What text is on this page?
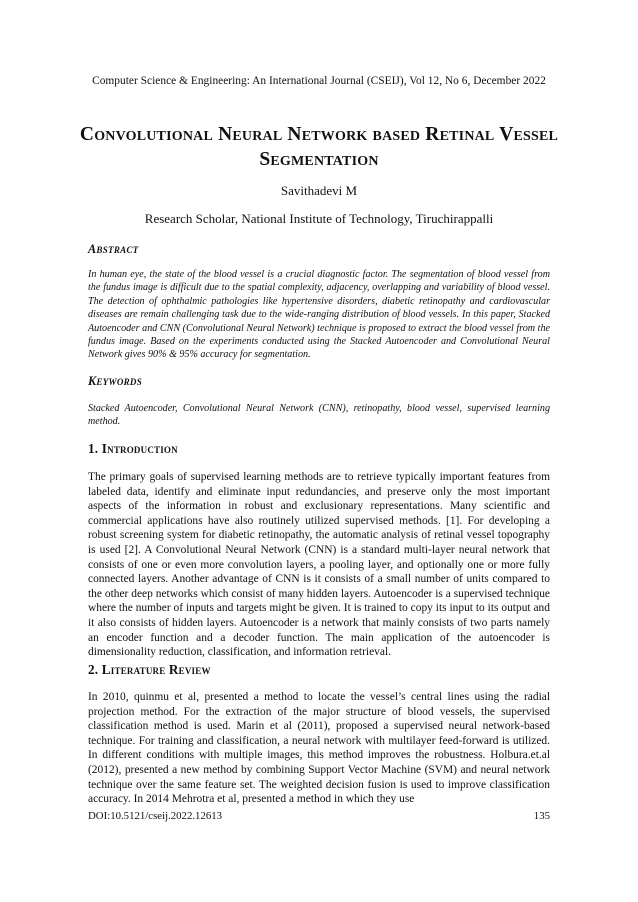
Computer Science & Engineering: An International Journal (CSEIJ), Vol 12, No 6, December 2022
Convolutional Neural Network based Retinal Vessel Segmentation
Savithadevi M
Research Scholar, National Institute of Technology, Tiruchirappalli
Abstract
In human eye, the state of the blood vessel is a crucial diagnostic factor. The segmentation of blood vessel from the fundus image is difficult due to the spatial complexity, adjacency, overlapping and variability of blood vessel. The detection of ophthalmic pathologies like hypertensive disorders, diabetic retinopathy and cardiovascular diseases are remain challenging task due to the wide-ranging distribution of blood vessels. In this paper, Stacked Autoencoder and CNN (Convolutional Neural Network) technique is proposed to extract the blood vessel from the fundus image. Based on the experiments conducted using the Stacked Autoencoder and Convolutional Neural Network gives 90% & 95% accuracy for segmentation.
Keywords
Stacked Autoencoder, Convolutional Neural Network (CNN), retinopathy, blood vessel, supervised learning method.
1. Introduction
The primary goals of supervised learning methods are to retrieve typically important features from labeled data, identify and eliminate input redundancies, and preserve only the most important aspects of the information in robust and exclusionary representations. Many scientific and commercial applications have also routinely utilized supervised methods. [1]. For developing a robust screening system for diabetic retinopathy, the automatic analysis of retinal vessel topography is used [2]. A Convolutional Neural Network (CNN) is a standard multi-layer neural network that consists of one or even more convolution layers, a pooling layer, and optionally one or more fully connected layers. Another advantage of CNN is it consists of a small number of units compared to the other deep networks which consist of many hidden layers. Autoencoder is a supervised technique where the number of inputs and targets might be given. It is trained to copy its input to its output and it also consists of hidden layers. Autoencoder is a network that mainly consists of two parts namely an encoder function and a decoder function. The main application of the autoencoder is dimensionality reduction, classification, and information retrieval.
2. Literature Review
In 2010, quinmu et al, presented a method to locate the vessel’s central lines using the radial projection method. For the extraction of the major structure of blood vessels, the supervised classification method is used. Marin et al (2011), proposed a supervised neural network-based technique. For training and classification, a neural network with multilayer feed-forward is utilized. In different conditions with multiple images, this method improves the robustness. Holbura.et.al (2012), presented a new method by combining Support Vector Machine (SVM) and neural network technique over the same feature set. The weighted decision fusion is used to improve classification accuracy. In 2014 Mehrotra et al, presented a method in which they use
DOI:10.5121/cseij.2022.12613	135
